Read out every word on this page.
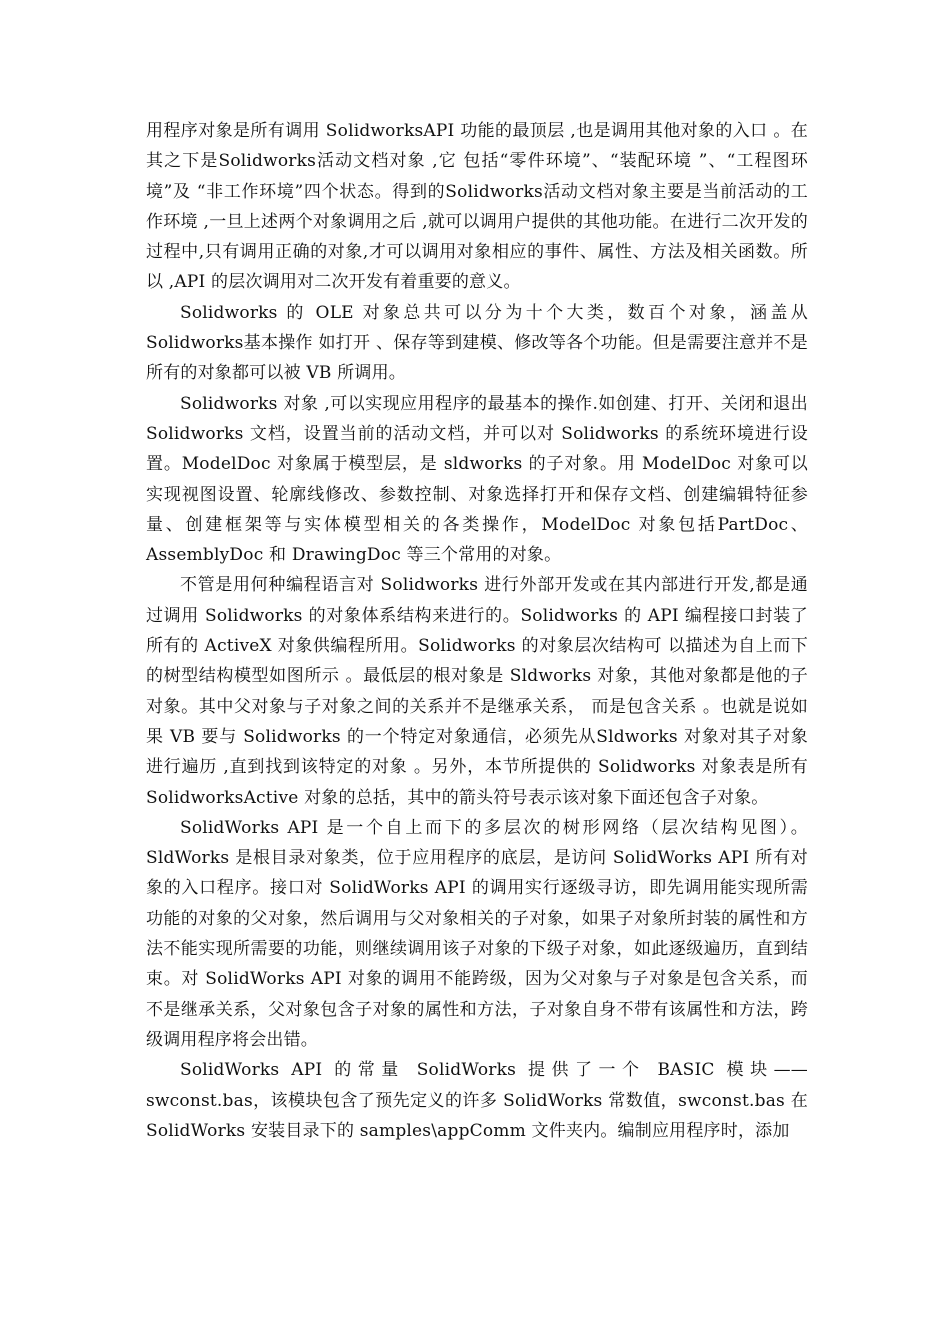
用程序对象是所有调用 SolidworksAPI 功能的最顶层 ,也是调用其他对象的入口 。在其之下是Solidworks活动文档对象 ,它 包括“零件环境”、“装配环境 ”、“工程图环境”及 “非工作环境”四个状态。得到的Solidworks活动文档对象主要是当前活动的工作环境 ,一旦上述两个对象调用之后 ,就可以调用户提供的其他功能。在进行二次开发的过程中,只有调用正确的对象,才可以调用对象相应的事件、属性、方法及相关函数。所以 ,API 的层次调用对二次开发有着重要的意义。

Solidworks 的 OLE 对象总共可以分为十个大类，数百个对象，涵盖从Solidworks基本操作 如打开 、保存等到建模、修改等各个功能。但是需要注意并不是所有的对象都可以被 VB 所调用。

Solidworks 对象 ,可以实现应用程序的最基本的操作.如创建、打开、关闭和退出 Solidworks 文档，设置当前的活动文档，并可以对 Solidworks 的系统环境进行设置。ModelDoc 对象属于模型层，是 sldworks 的子对象。用 ModelDoc 对象可以 实现视图设置、轮廓线修改、参数控制、对象选择打开和保存文档、创建编辑特征参量、创建框架等与实体模型相关的各类操作，ModelDoc 对象包括PartDoc、AssemblyDoc 和 DrawingDoc 等三个常用的对象。

不管是用何种编程语言对 Solidworks 进行外部开发或在其内部进行开发,都是通过调用 Solidworks 的对象体系结构来进行的。Solidworks 的 API 编程接口封装了所有的 ActiveX 对象供编程所用。Solidworks 的对象层次结构可 以描述为自上而下的树型结构模型如图所示 。最低层的根对象是 Sldworks 对象，其他对象都是他的子对象。其中父对象与子对象之间的关系并不是继承关系， 而是包含关系 。也就是说如果 VB 要与 Solidworks 的一个特定对象通信，必须先从Sldworks 对象对其子对象进行遍历 ,直到找到该特定的对象 。另外，本节所提供的 Solidworks 对象表是所有 SolidworksActive 对象的总括，其中的箭头符号表示该对象下面还包含子对象。

SolidWorks API 是一个自上而下的多层次的树形网络（层次结构见图）。SldWorks 是根目录对象类，位于应用程序的底层，是访问 SolidWorks API 所有对象的入口程序。接口对 SolidWorks API 的调用实行逐级寻访，即先调用能实现所需功能的对象的父对象，然后调用与父对象相关的子对象，如果子对象所封装的属性和方法不能实现所需要的功能，则继续调用该子对象的下级子对象，如此逐级遍历，直到结束。对 SolidWorks API 对象的调用不能跨级，因为父对象与子对象是包含关系，而不是继承关系，父对象包含子对象的属性和方法，子对象自身不带有该属性和方法，跨级调用程序将会出错。

SolidWorks API 的常量 SolidWorks 提供了一个 BASIC 模块——swconst.bas，该模块包含了预先定义的许多 SolidWorks 常数值，swconst.bas 在SolidWorks 安装目录下的 samples\appComm 文件夹内。编制应用程序时，添加
